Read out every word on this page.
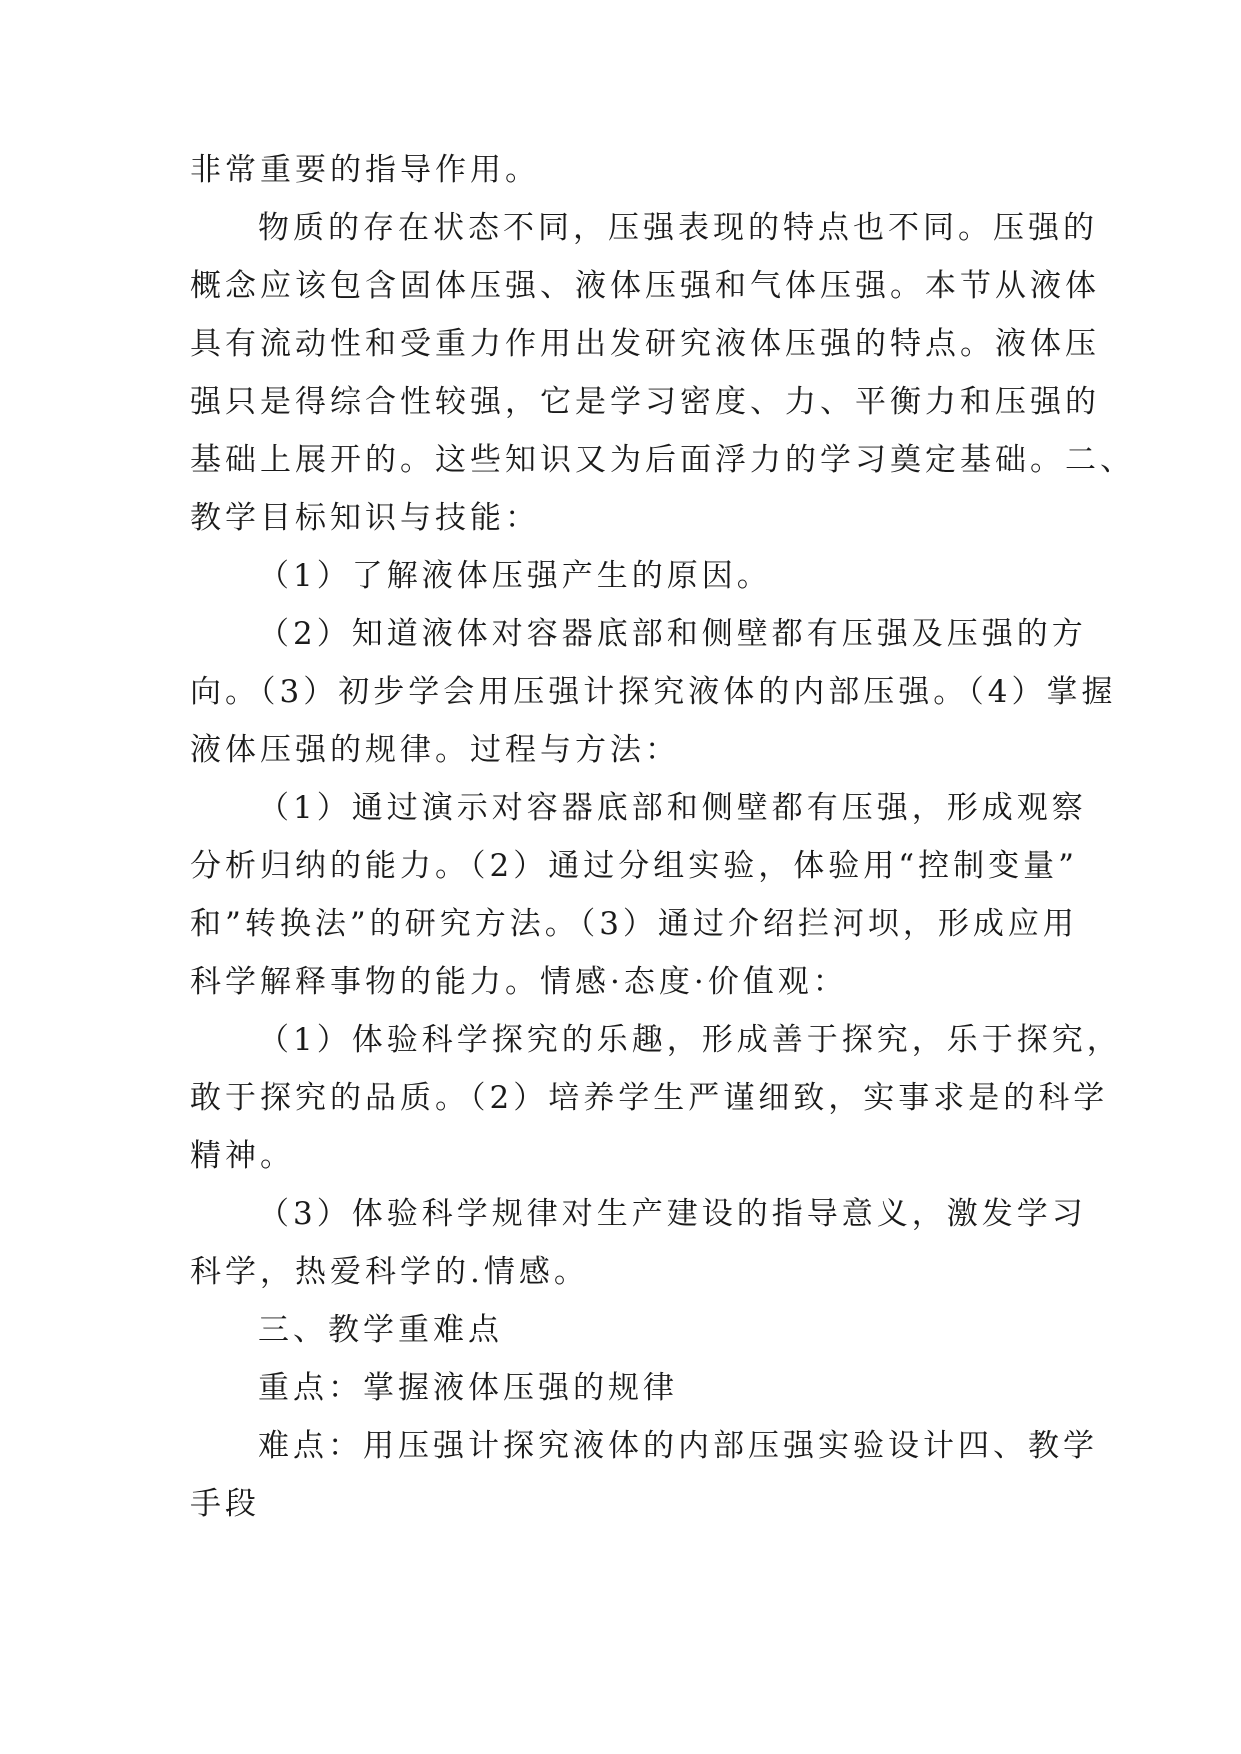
非常重要的指导作用。
物质的存在状态不同，压强表现的特点也不同。压强的
概念应该包含固体压强、液体压强和气体压强。本节从液体
具有流动性和受重力作用出发研究液体压强的特点。液体压
强只是得综合性较强，它是学习密度、力、平衡力和压强的
基础上展开的。这些知识又为后面浮力的学习奠定基础。二、
教学目标知识与技能：
（1）了解液体压强产生的原因。
（2）知道液体对容器底部和侧壁都有压强及压强的方
向。（3）初步学会用压强计探究液体的内部压强。（4）掌握
液体压强的规律。过程与方法：
（1）通过演示对容器底部和侧壁都有压强，形成观察
分析归纳的能力。（2）通过分组实验，体验用“控制变量”
和”转换法”的研究方法。（3）通过介绍拦河坝，形成应用
科学解释事物的能力。情感·态度·价值观：
（1）体验科学探究的乐趣，形成善于探究，乐于探究，
敢于探究的品质。（2）培养学生严谨细致，实事求是的科学
精神。
（3）体验科学规律对生产建设的指导意义，激发学习
科学，热爱科学的.情感。
三、教学重难点
重点：掌握液体压强的规律
难点：用压强计探究液体的内部压强实验设计四、教学
手段
